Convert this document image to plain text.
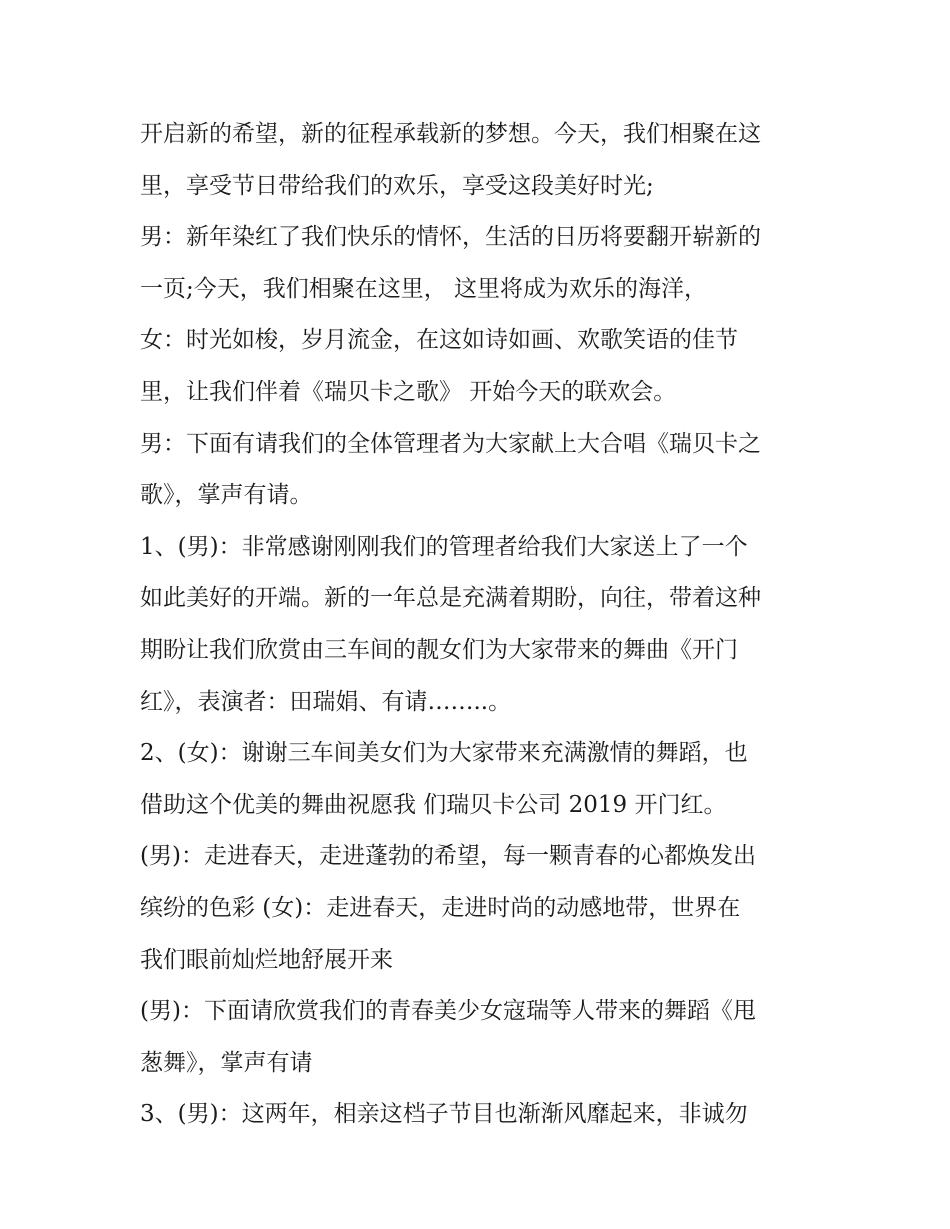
开启新的希望，新的征程承载新的梦想。今天，我们相聚在这
里，享受节日带给我们的欢乐，享受这段美好时光;
男：新年染红了我们快乐的情怀，生活的日历将要翻开崭新的
一页;今天，我们相聚在这里， 这里将成为欢乐的海洋，
女：时光如梭，岁月流金，在这如诗如画、欢歌笑语的佳节
里，让我们伴着《瑞贝卡之歌》 开始今天的联欢会。
男：下面有请我们的全体管理者为大家献上大合唱《瑞贝卡之
歌》，掌声有请。
1、(男)：非常感谢刚刚我们的管理者给我们大家送上了一个
如此美好的开端。新的一年总是充满着期盼，向往，带着这种
期盼让我们欣赏由三车间的靓女们为大家带来的舞曲《开门
红》，表演者：田瑞娟、有请……..。
2、(女)：谢谢三车间美女们为大家带来充满激情的舞蹈，也
借助这个优美的舞曲祝愿我 们瑞贝卡公司 2019 开门红。
(男)：走进春天，走进蓬勃的希望，每一颗青春的心都焕发出
缤纷的色彩 (女)：走进春天，走进时尚的动感地带，世界在
我们眼前灿烂地舒展开来
(男)：下面请欣赏我们的青春美少女寇瑞等人带来的舞蹈《甩
葱舞》，掌声有请
3、(男)：这两年，相亲这档子节目也渐渐风靡起来，非诚勿
